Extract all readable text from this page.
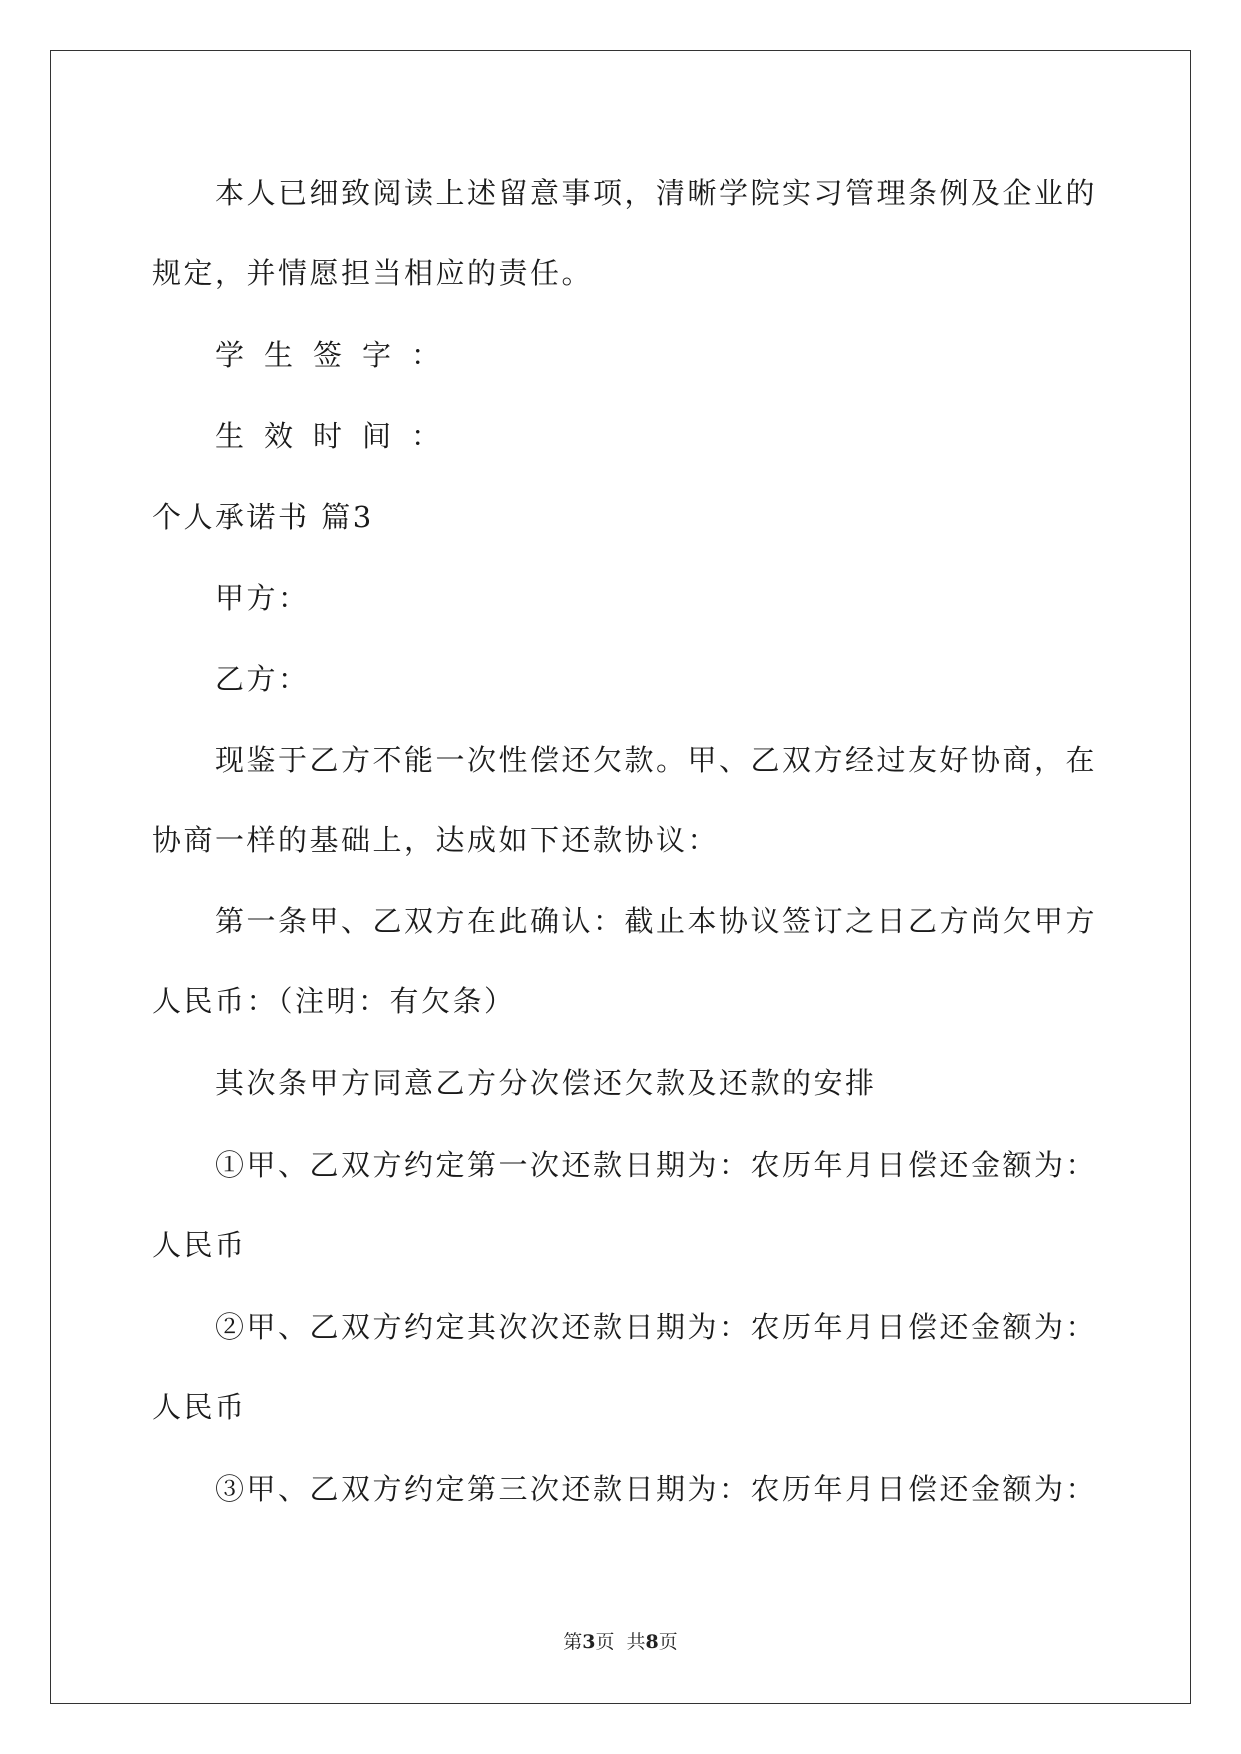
本人已细致阅读上述留意事项，清晰学院实习管理条例及企业的
规定，并情愿担当相应的责任。
学生签字：
生效时间：
个人承诺书 篇3
甲方：
乙方：
现鉴于乙方不能一次性偿还欠款。甲、乙双方经过友好协商，在
协商一样的基础上，达成如下还款协议：
第一条甲、乙双方在此确认：截止本协议签订之日乙方尚欠甲方
人民币：（注明：有欠条）
其次条甲方同意乙方分次偿还欠款及还款的安排
①甲、乙双方约定第一次还款日期为：农历年月日偿还金额为：
人民币
②甲、乙双方约定其次次还款日期为：农历年月日偿还金额为：
人民币
③甲、乙双方约定第三次还款日期为：农历年月日偿还金额为：
第3页  共8页
